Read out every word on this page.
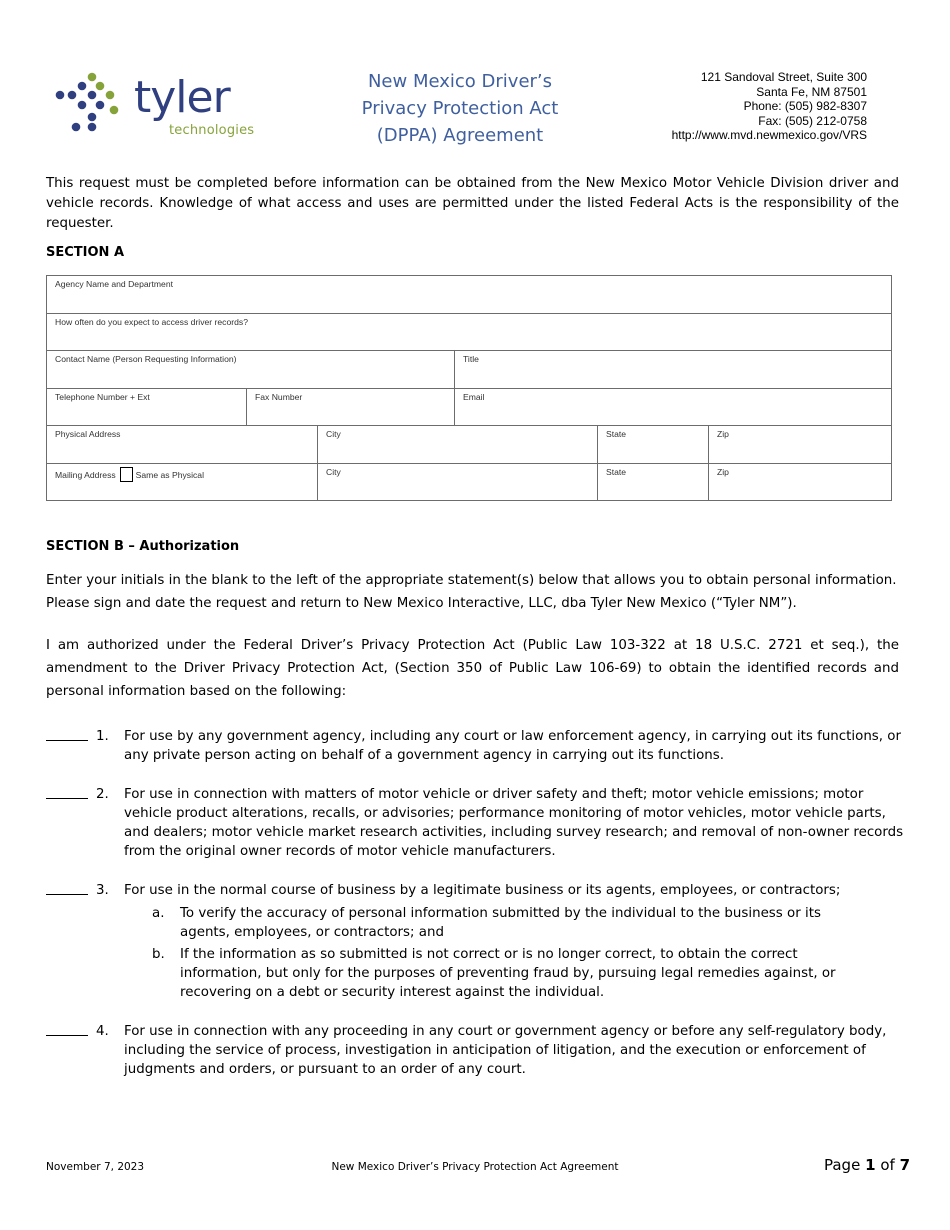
tyler
technologies
New Mexico Driver’s
Privacy Protection Act
(DPPA) Agreement
121 Sandoval Street, Suite 300
Santa Fe, NM 87501
Phone: (505) 982-8307
Fax: (505) 212-0758
http://www.mvd.newmexico.gov/VRS
This request must be completed before information can be obtained from the New Mexico Motor Vehicle Division driver and vehicle records. Knowledge of what access and uses are permitted under the listed Federal Acts is the responsibility of the requester.
SECTION A
Agency Name and Department
How often do you expect to access driver records?
Contact Name (Person Requesting Information)	Title
Telephone Number + Ext	Fax Number	Email
Physical Address	City	State	Zip
Mailing Address Same as Physical	City	State	Zip
SECTION B – Authorization
Enter your initials in the blank to the left of the appropriate statement(s) below that allows you to obtain personal information.
Please sign and date the request and return to New Mexico Interactive, LLC, dba Tyler New Mexico (“Tyler NM”).
I am authorized under the Federal Driver’s Privacy Protection Act (Public Law 103-322 at 18 U.S.C. 2721 et seq.), the amendment to the Driver Privacy Protection Act, (Section 350 of Public Law 106-69) to obtain the identified records and personal information based on the following:
1. For use by any government agency, including any court or law enforcement agency, in carrying out its functions, or any private person acting on behalf of a government agency in carrying out its functions.
2. For use in connection with matters of motor vehicle or driver safety and theft; motor vehicle emissions; motor vehicle product alterations, recalls, or advisories; performance monitoring of motor vehicles, motor vehicle parts, and dealers; motor vehicle market research activities, including survey research; and removal of non-owner records from the original owner records of motor vehicle manufacturers.
3. For use in the normal course of business by a legitimate business or its agents, employees, or contractors;
a. To verify the accuracy of personal information submitted by the individual to the business or its agents, employees, or contractors; and
b. If the information as so submitted is not correct or is no longer correct, to obtain the correct information, but only for the purposes of preventing fraud by, pursuing legal remedies against, or recovering on a debt or security interest against the individual.
4. For use in connection with any proceeding in any court or government agency or before any self-regulatory body, including the service of process, investigation in anticipation of litigation, and the execution or enforcement of judgments and orders, or pursuant to an order of any court.
November 7, 2023	New Mexico Driver’s Privacy Protection Act Agreement	Page 1 of 7
